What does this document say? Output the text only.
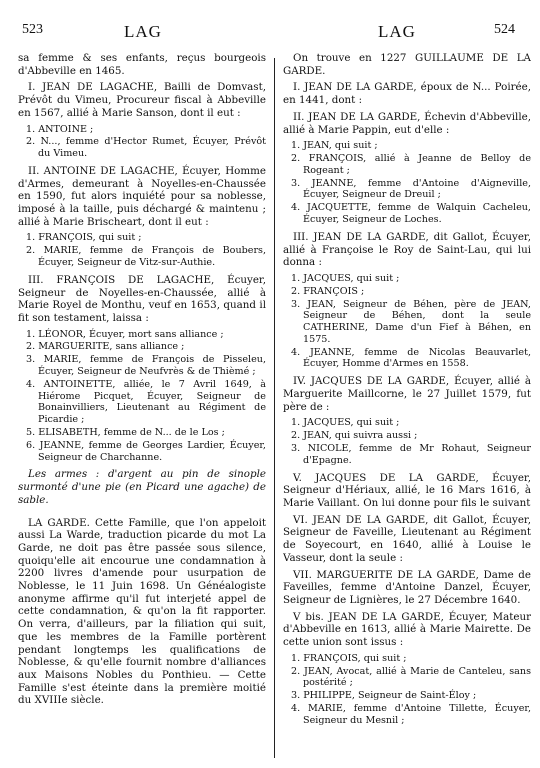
523	LAG	LAG	524

sa femme & ses enfants, reçus bourgeois d'Abbeville en 1465.

I. JEAN DE LAGACHE, Bailli de Domvast, Prévôt du Vimeu, Procureur fiscal à Abbeville en 1567, allié à Marie Sanson, dont il eut :

1. ANTOINE ;
2. N..., femme d'Hector Rumet, Écuyer, Prévôt du Vimeu.

II. ANTOINE DE LAGACHE, Écuyer, Homme d'Armes, demeurant à Noyelles-en-Chaussée en 1590, fut alors inquiété pour sa noblesse, imposé à la taille, puis déchargé & maintenu ; allié à Marie Brischeart, dont il eut :

1. FRANÇOIS, qui suit ;
2. MARIE, femme de François de Boubers, Écuyer, Seigneur de Vitz-sur-Authie.

III. FRANÇOIS DE LAGACHE, Écuyer, Seigneur de Noyelles-en-Chaussée, allié à Marie Royel de Monthu, veuf en 1653, quand il fit son testament, laissa :

1. LÉONOR, Écuyer, mort sans alliance ;
2. MARGUERITE, sans alliance ;
3. MARIE, femme de François de Pisseleu, Écuyer, Seigneur de Neufvrès & de Thièmé ;
4. ANTOINETTE, alliée, le 7 Avril 1649, à Hiérome Picquet, Écuyer, Seigneur de Bonainvilliers, Lieutenant au Régiment de Picardie ;
5. ELISABETH, femme de N... de le Los ;
6. JEANNE, femme de Georges Lardier, Écuyer, Seigneur de Charchanne.

Les armes : d'argent au pin de sinople surmonté d'une pie (en Picard une agache) de sable.

LA GARDE. Cette Famille, que l'on appeloit aussi La Warde, traduction picarde du mot La Garde, ne doit pas être passée sous silence, quoiqu'elle ait encourue une condamnation à 2200 livres d'amende pour usurpation de Noblesse, le 11 Juin 1698. Un Généalogiste anonyme affirme qu'il fut interjeté appel de cette condamnation, & qu'on la fit rapporter. On verra, d'ailleurs, par la filiation qui suit, que les membres de la Famille portèrent pendant longtemps les qualifications de Noblesse, & qu'elle fournit nombre d'alliances aux Maisons Nobles du Ponthieu. — Cette Famille s'est éteinte dans la première moitié du XVIIIe siècle.

On trouve en 1227 GUILLAUME DE LA GARDE.

I. JEAN DE LA GARDE, époux de N... Poirée, en 1441, dont :

II. JEAN DE LA GARDE, Échevin d'Abbeville, allié à Marie Pappin, eut d'elle :

1. JEAN, qui suit ;
2. FRANÇOIS, allié à Jeanne de Belloy de Rogeant ;
3. JEANNE, femme d'Antoine d'Aigneville, Écuyer, Seigneur de Dreuil ;
4. JACQUETTE, femme de Walquin Cacheleu, Écuyer, Seigneur de Loches.

III. JEAN DE LA GARDE, dit Gallot, Écuyer, allié à Françoise le Roy de Saint-Lau, qui lui donna :

1. JACQUES, qui suit ;
2. FRANÇOIS ;
3. JEAN, Seigneur de Béhen, père de JEAN, Seigneur de Béhen, dont la seule CATHERINE, Dame d'un Fief à Béhen, en 1575.
4. JEANNE, femme de Nicolas Beauvarlet, Écuyer, Homme d'Armes en 1558.

IV. JACQUES DE LA GARDE, Écuyer, allié à Marguerite Maillcorne, le 27 Juillet 1579, fut père de :

1. JACQUES, qui suit ;
2. JEAN, qui suivra aussi ;
3. NICOLE, femme de Mr Rohaut, Seigneur d'Epagne.

V. JACQUES DE LA GARDE, Écuyer, Seigneur d'Hériaux, allié, le 16 Mars 1616, à Marie Vaillant. On lui donne pour fils le suivant

VI. JEAN DE LA GARDE, dit Gallot, Écuyer, Seigneur de Faveille, Lieutenant au Régiment de Soyecourt, en 1640, allié à Louise le Vasseur, dont la seule :

VII. MARGUERITE DE LA GARDE, Dame de Faveilles, femme d'Antoine Danzel, Écuyer, Seigneur de Lignières, le 27 Décembre 1640.

V bis. JEAN DE LA GARDE, Écuyer, Mateur d'Abbeville en 1613, allié à Marie Mairette. De cette union sont issus :

1. FRANÇOIS, qui suit ;
2. JEAN, Avocat, allié à Marie de Canteleu, sans postérité ;
3. PHILIPPE, Seigneur de Saint-Éloy ;
4. MARIE, femme d'Antoine Tillette, Écuyer, Seigneur du Mesnil ;
